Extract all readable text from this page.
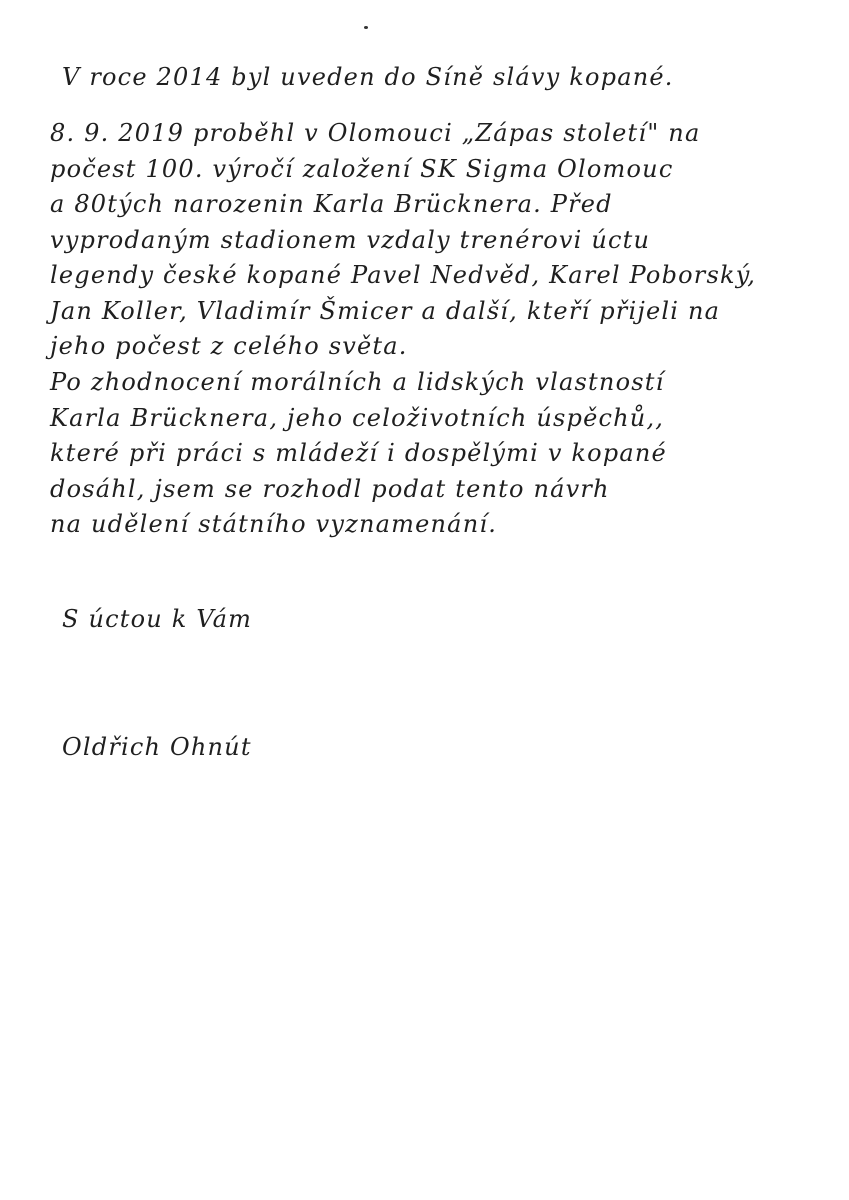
V roce 2014 byl uveden do Síně slávy kopané.
8. 9. 2019 proběhl v Olomouci „Zápas století" na
počest 100. výročí založení SK Sigma Olomouc
a 80tých narozenin Karla Brücknera. Před
vyprodaným stadionem vzdaly trenérovi úctu
legendy české kopané Pavel Nedvěd, Karel Poborský,
Jan Koller, Vladimír Šmicer a další, kteří přijeli na
jeho počest z celého světa.
Po zhodnocení morálních a lidských vlastností
Karla Brücknera, jeho celoživotních úspěchů,,
které při práci s mládeží i dospělými v kopané
dosáhl, jsem se rozhodl podat tento návrh
na udělení státního vyznamenání.
S úctou k Vám
Oldřich Ohnút
